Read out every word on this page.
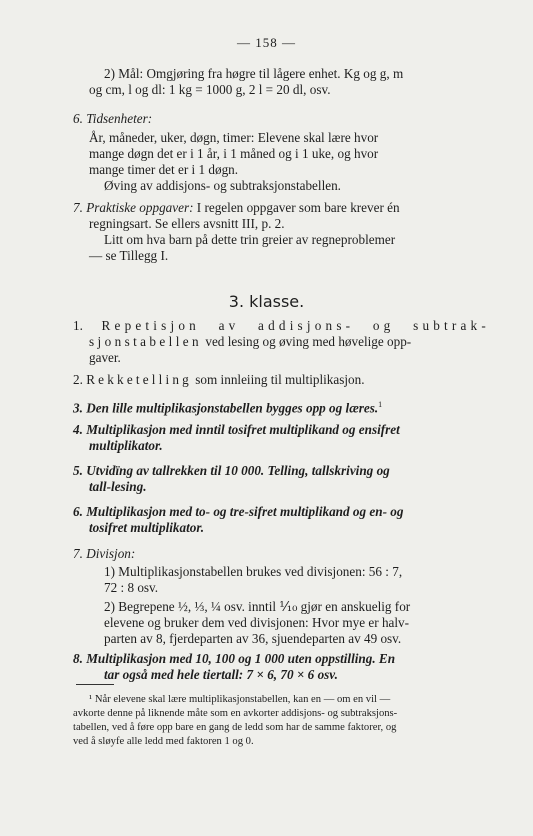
— 158 —
2) Mål: Omgjøring fra høgre til lågere enhet. Kg og g, m
og cm, l og dl: 1 kg = 1000 g, 2 l = 20 dl, osv.
6. Tidsenheter:
År, måneder, uker, døgn, timer: Elevene skal lære hvor
mange døgn det er i 1 år, i 1 måned og i 1 uke, og hvor
mange timer det er i 1 døgn.
Øving av addisjons- og subtraksjonstabellen.
7. Praktiske oppgaver: I regelen oppgaver som bare krever én
regningsart. Se ellers avsnitt III, p. 2.
Litt om hva barn på dette trin greier av regneproblemer
— se Tillegg I.
3. klasse.
1. Repetisjon av addisjons- og subtrak-
sjonstabellen ved lesing og øving med høvelige opp-
gaver.
2. Rekketelling som innleiing til multiplikasjon.
3. Den lille multiplikasjonstabellen bygges opp og læres.$^1$
4. Multiplikasjon med inntil tosifret multiplikand og ensifret
multiplikator.
5. Utvidïng av tallrekken til 10 000. Telling, tallskriving og
tall-lesing.
6. Multiplikasjon med to- og tre-sifret multiplikand og en- og
tosifret multiplikator.
7. Divisjon:
1) Multiplikasjonstabellen brukes ved divisjonen: 56 : 7,
72 : 8 osv.
2) Begrepene ½, ⅓, ¼ osv. inntil ⅒ gjør en anskuelig for
elevene og bruker dem ved divisjonen: Hvor mye er halv-
parten av 8, fjerdeparten av 36, sjuendeparten av 49 osv.
8. Multiplikasjon med 10, 100 og 1 000 uten oppstilling. En
tar også med hele tiertall: 7 × 6, 70 × 6 osv.
¹ Når elevene skal lære multiplikasjonstabellen, kan en — om en vil —
avkorte denne på liknende måte som en avkorter addisjons- og subtraksjons-
tabellen, ved å føre opp bare en gang de ledd som har de samme faktorer, og
ved å sløyfe alle ledd med faktoren 1 og 0.
